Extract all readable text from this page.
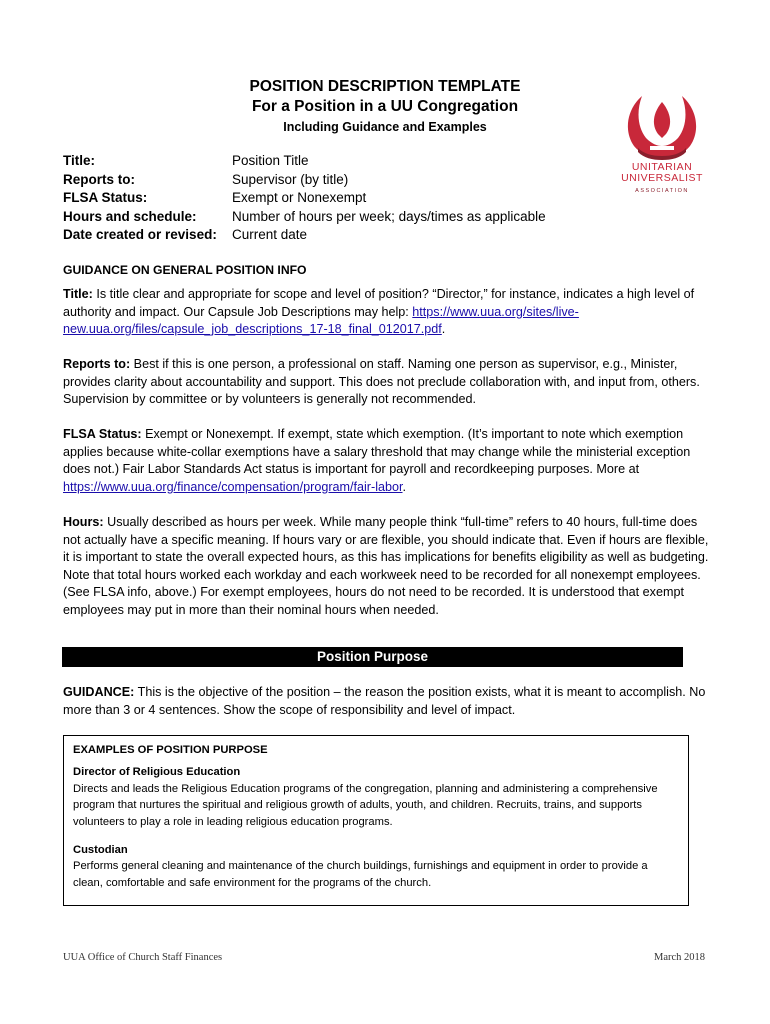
POSITION DESCRIPTION TEMPLATE
For a Position in a UU Congregation
Including Guidance and Examples
UNITARIAN
UNIVERSALIST
ASSOCIATION
Title:	Position Title
Reports to:	Supervisor (by title)
FLSA Status:	Exempt or Nonexempt
Hours and schedule:	Number of hours per week; days/times as applicable
Date created or revised:	Current date
GUIDANCE ON GENERAL POSITION INFO
Title: Is title clear and appropriate for scope and level of position? “Director,” for instance, indicates a high level of authority and impact. Our Capsule Job Descriptions may help: https://www.uua.org/sites/live-new.uua.org/files/capsule_job_descriptions_17-18_final_012017.pdf.
Reports to: Best if this is one person, a professional on staff. Naming one person as supervisor, e.g., Minister, provides clarity about accountability and support. This does not preclude collaboration with, and input from, others. Supervision by committee or by volunteers is generally not recommended.
FLSA Status: Exempt or Nonexempt. If exempt, state which exemption. (It’s important to note which exemption applies because white-collar exemptions have a salary threshold that may change while the ministerial exception does not.) Fair Labor Standards Act status is important for payroll and recordkeeping purposes. More at https://www.uua.org/finance/compensation/program/fair-labor.
Hours: Usually described as hours per week. While many people think “full-time” refers to 40 hours, full-time does not actually have a specific meaning. If hours vary or are flexible, you should indicate that. Even if hours are flexible, it is important to state the overall expected hours, as this has implications for benefits eligibility as well as budgeting. Note that total hours worked each workday and each workweek need to be recorded for all nonexempt employees. (See FLSA info, above.) For exempt employees, hours do not need to be recorded. It is understood that exempt employees may put in more than their nominal hours when needed.
Position Purpose
GUIDANCE: This is the objective of the position – the reason the position exists, what it is meant to accomplish. No more than 3 or 4 sentences. Show the scope of responsibility and level of impact.
EXAMPLES OF POSITION PURPOSE
Director of Religious Education
Directs and leads the Religious Education programs of the congregation, planning and administering a comprehensive program that nurtures the spiritual and religious growth of adults, youth, and children. Recruits, trains, and supports volunteers to play a role in leading religious education programs.
Custodian
Performs general cleaning and maintenance of the church buildings, furnishings and equipment in order to provide a clean, comfortable and safe environment for the programs of the church.
UUA Office of Church Staff Finances	March 2018
